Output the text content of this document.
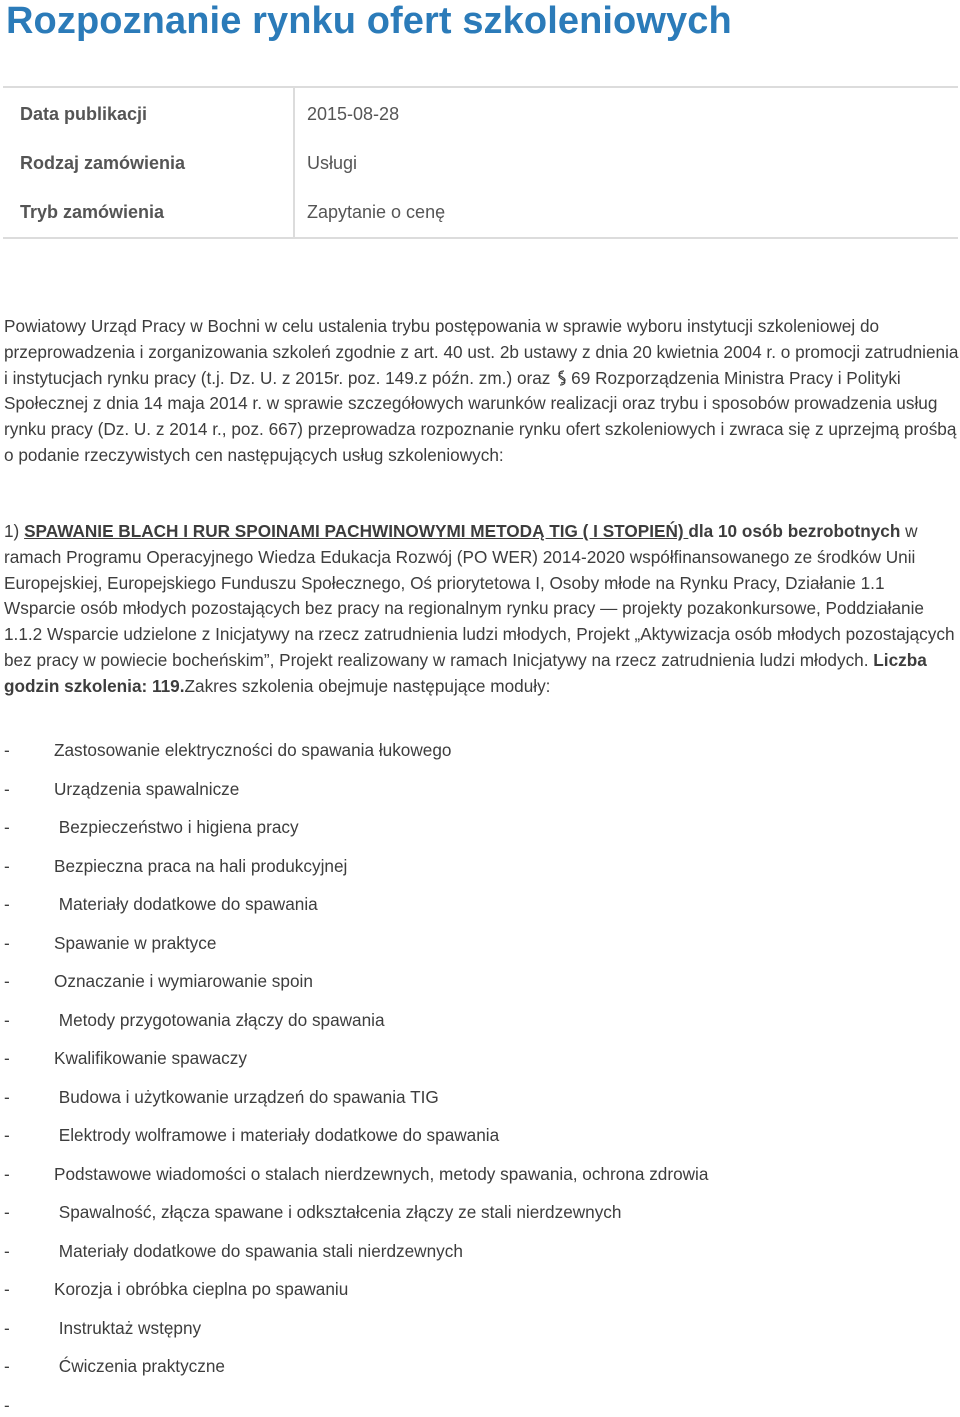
Rozpoznanie rynku ofert szkoleniowych
Data publikacji	2015-08-28
Rodzaj zamówienia	Usługi
Tryb zamówienia	Zapytanie o cenę

Powiatowy Urząd Pracy w Bochni w celu ustalenia trybu postępowania w sprawie wyboru instytucji szkoleniowej do przeprowadzenia i zorganizowania szkoleń zgodnie z art. 40 ust. 2b ustawy z dnia 20 kwietnia 2004 r. o promocji zatrudnienia i instytucjach rynku pracy (t.j. Dz. U. z 2015r. poz. 149.z późn. zm.) oraz 69 Rozporządzenia Ministra Pracy i Polityki Społecznej z dnia 14 maja 2014 r. w sprawie szczegółowych warunków realizacji oraz trybu i sposobów prowadzenia usług rynku pracy (Dz. U. z 2014 r., poz. 667) przeprowadza rozpoznanie rynku ofert szkoleniowych i zwraca się z uprzejmą prośbą o podanie rzeczywistych cen następujących usług szkoleniowych:

1) SPAWANIE BLACH I RUR SPOINAMI PACHWINOWYMI METODĄ TIG ( I STOPIEŃ) dla 10 osób bezrobotnych w ramach Programu Operacyjnego Wiedza Edukacja Rozwój (PO WER) 2014-2020 współfinansowanego ze środków Unii Europejskiej, Europejskiego Funduszu Społecznego, Oś priorytetowa I, Osoby młode na Rynku Pracy, Działanie 1.1 Wsparcie osób młodych pozostających bez pracy na regionalnym rynku pracy ― projekty pozakonkursowe, Poddziałanie 1.1.2 Wsparcie udzielone z Inicjatywy na rzecz zatrudnienia ludzi młodych, Projekt „Aktywizacja osób młodych pozostających bez pracy w powiecie bocheńskim”, Projekt realizowany w ramach Inicjatywy na rzecz zatrudnienia ludzi młodych. Liczba godzin szkolenia: 119.Zakres szkolenia obejmuje następujące moduły:

-	Zastosowanie elektryczności do spawania łukowego
-	Urządzenia spawalnicze
-	Bezpieczeństwo i higiena pracy
-	Bezpieczna praca na hali produkcyjnej
-	Materiały dodatkowe do spawania
-	Spawanie w praktyce
-	Oznaczanie i wymiarowanie spoin
-	Metody przygotowania złączy do spawania
-	Kwalifikowanie spawaczy
-	Budowa i użytkowanie urządzeń do spawania TIG
-	Elektrody wolframowe i materiały dodatkowe do spawania
-	Podstawowe wiadomości o stalach nierdzewnych, metody spawania, ochrona zdrowia
-	Spawalność, złącza spawane i odkształcenia złączy ze stali nierdzewnych
-	Materiały dodatkowe do spawania stali nierdzewnych
-	Korozja i obróbka cieplna po spawaniu
-	Instruktaż wstępny
-	Ćwiczenia praktyczne
-
